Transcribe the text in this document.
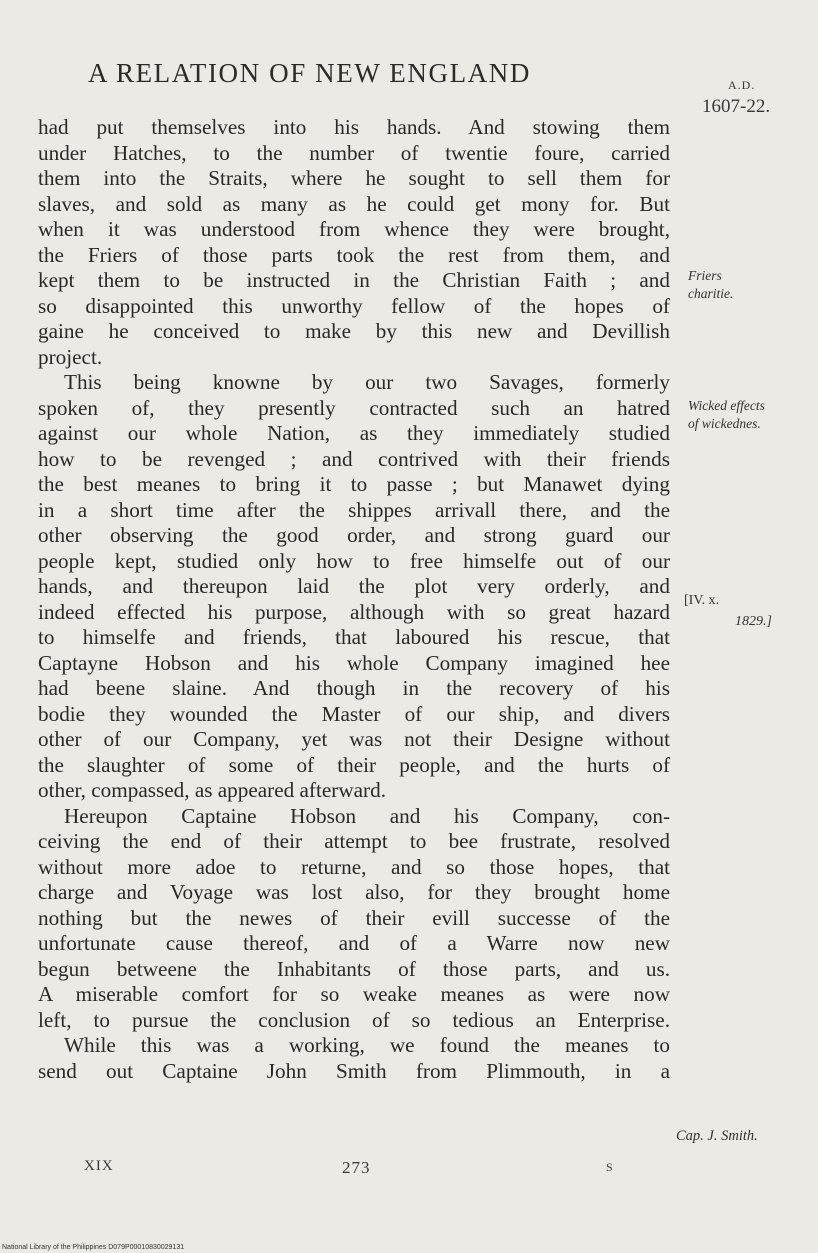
A RELATION OF NEW ENGLAND	A.D.
1607-22.
had put themselves into his hands. And stowing them
under Hatches, to the number of twentie foure, carried
them into the Straits, where he sought to sell them for
slaves, and sold as many as he could get mony for. But
when it was understood from whence they were brought,
the Friers of those parts took the rest from them, and
kept them to be instructed in the Christian Faith ; and
so disappointed this unworthy fellow of the hopes of
gaine he conceived to make by this new and Devillish
project.
This being knowne by our two Savages, formerly
spoken of, they presently contracted such an hatred
against our whole Nation, as they immediately studied
how to be revenged ; and contrived with their friends
the best meanes to bring it to passe ; but Manawet dying
in a short time after the shippes arrivall there, and the
other observing the good order, and strong guard our
people kept, studied only how to free himselfe out of our
hands, and thereupon laid the plot very orderly, and
indeed effected his purpose, although with so great hazard
to himselfe and friends, that laboured his rescue, that
Captayne Hobson and his whole Company imagined hee
had beene slaine. And though in the recovery of his
bodie they wounded the Master of our ship, and divers
other of our Company, yet was not their Designe without
the slaughter of some of their people, and the hurts of
other, compassed, as appeared afterward.
Hereupon Captaine Hobson and his Company, con-
ceiving the end of their attempt to bee frustrate, resolved
without more adoe to returne, and so those hopes, that
charge and Voyage was lost also, for they brought home
nothing but the newes of their evill successe of the
unfortunate cause thereof, and of a Warre now new
begun betweene the Inhabitants of those parts, and us.
A miserable comfort for so weake meanes as were now
left, to pursue the conclusion of so tedious an Enterprise.
While this was a working, we found the meanes to
send out Captaine John Smith from Plimmouth, in a
Friers
charitie.
Wicked effects
of wickednes.
[IV. x.
1829.]
Cap. J. Smith.
XIX	273	S
National Library of the Philippines D079P00010830029131
